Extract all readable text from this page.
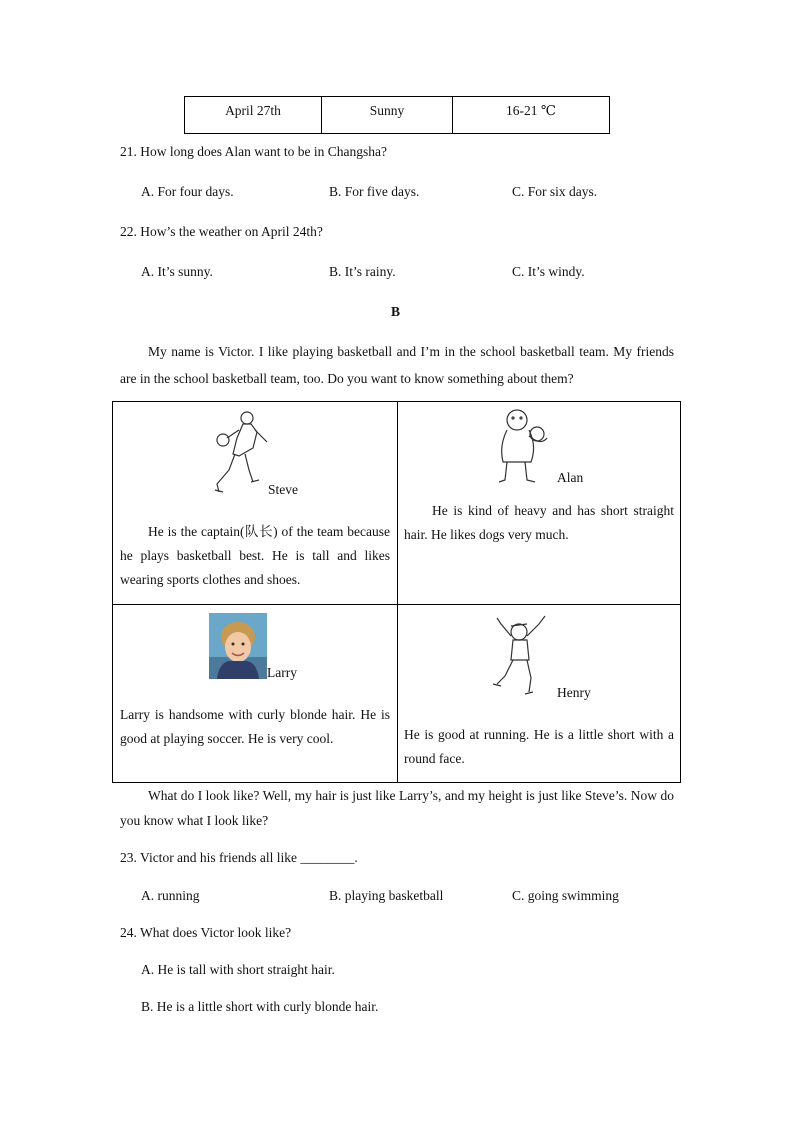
April 27th	Sunny	16-21 ℃
21. How long does Alan want to be in Changsha?
A. For four days.	B. For five days.	C. For six days.
22. How’s the weather on April 24th?
A. It’s sunny.	B. It’s rainy.	C. It’s windy.
B
My name is Victor. I like playing basketball and I’m in the school basketball team. My friends are in the school basketball team, too. Do you want to know something about them?
Steve
He is the captain(队长) of the team because he plays basketball best. He is tall and likes wearing sports clothes and shoes.
Alan
He is kind of heavy and has short straight hair. He likes dogs very much.
Larry
Larry is handsome with curly blonde hair. He is good at playing soccer. He is very cool.
Henry
He is good at running. He is a little short with a round face.
What do I look like? Well, my hair is just like Larry’s, and my height is just like Steve’s. Now do you know what I look like?
23. Victor and his friends all like ________.
A. running	B. playing basketball	C. going swimming
24. What does Victor look like?
A. He is tall with short straight hair.
B. He is a little short with curly blonde hair.
